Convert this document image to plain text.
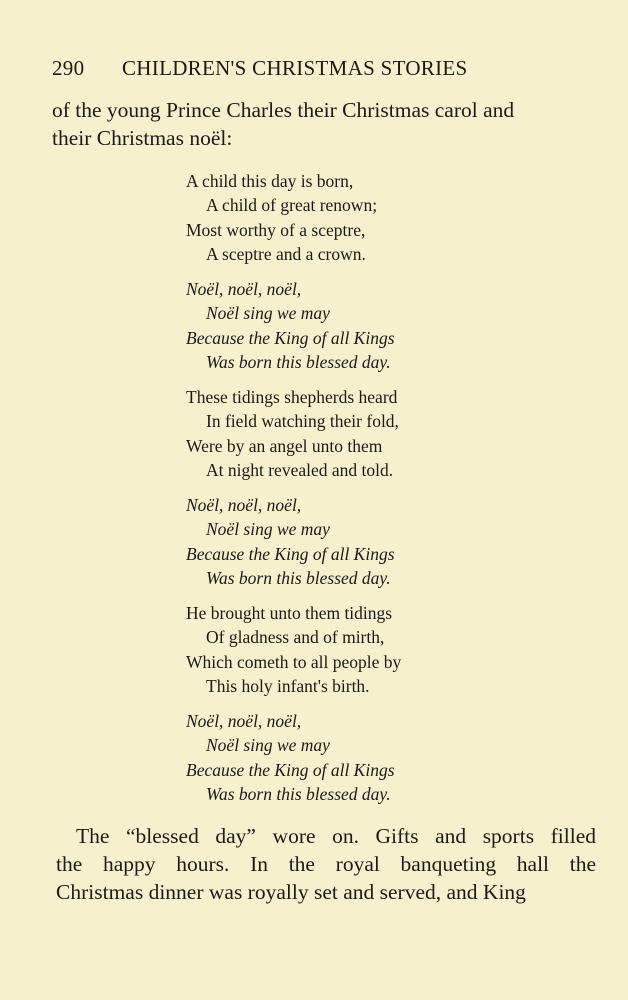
290 CHILDREN'S CHRISTMAS STORIES

of the young Prince Charles their Christmas carol and

their Christmas noël:

A child this day is born,
A child of great renown;
Most worthy of a sceptre,
A sceptre and a crown.
Noël, noël, noël,
Noël sing we may
Because the King of all Kings
Was born this blessed day.
These tidings shepherds heard
In field watching their fold,
Were by an angel unto them
At night revealed and told.
Noël, noël, noël,
Noël sing we may
Because the King of all Kings
Was born this blessed day.
He brought unto them tidings
Of gladness and of mirth,
Which cometh to all people by
This holy infant's birth.
Noël, noël, noël,
Noël sing we may
Because the King of all Kings
Was born this blessed day.
The “blessed day” wore on. Gifts and sports filled
the happy hours. In the royal banqueting hall the
Christmas dinner was royally set and served, and King
